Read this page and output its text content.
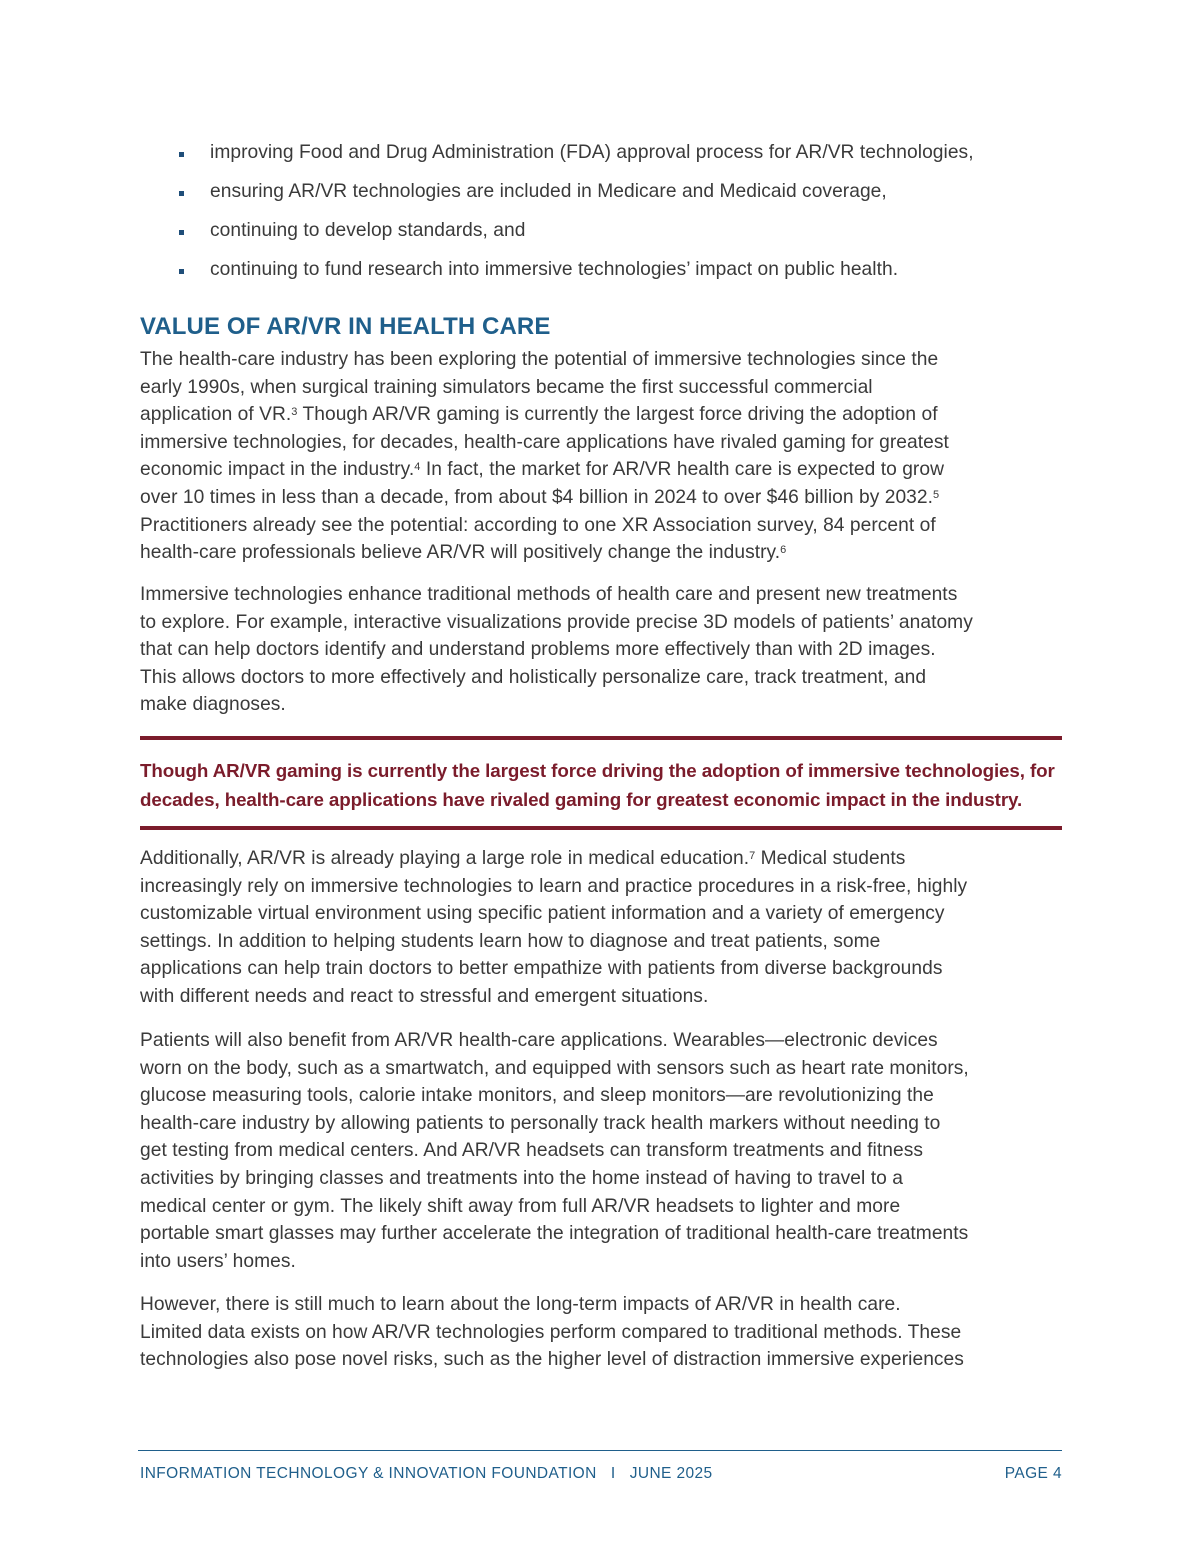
improving Food and Drug Administration (FDA) approval process for AR/VR technologies,
ensuring AR/VR technologies are included in Medicare and Medicaid coverage,
continuing to develop standards, and
continuing to fund research into immersive technologies’ impact on public health.
VALUE OF AR/VR IN HEALTH CARE

The health-care industry has been exploring the potential of immersive technologies since the
early 1990s, when surgical training simulators became the first successful commercial
application of VR.$^3$ Though AR/VR gaming is currently the largest force driving the adoption of
immersive technologies, for decades, health-care applications have rivaled gaming for greatest
economic impact in the industry.$^4$ In fact, the market for AR/VR health care is expected to grow
over 10 times in less than a decade, from about $4 billion in 2024 to over $46 billion by 2032.$^5$
Practitioners already see the potential: according to one XR Association survey, 84 percent of
health-care professionals believe AR/VR will positively change the industry.$^6$

Immersive technologies enhance traditional methods of health care and present new treatments
to explore. For example, interactive visualizations provide precise 3D models of patients’ anatomy
that can help doctors identify and understand problems more effectively than with 2D images.
This allows doctors to more effectively and holistically personalize care, track treatment, and
make diagnoses.

Though AR/VR gaming is currently the largest force driving the adoption of immersive technologies, for
decades, health-care applications have rivaled gaming for greatest economic impact in the industry.

Additionally, AR/VR is already playing a large role in medical education.$^7$ Medical students
increasingly rely on immersive technologies to learn and practice procedures in a risk-free, highly
customizable virtual environment using specific patient information and a variety of emergency
settings. In addition to helping students learn how to diagnose and treat patients, some
applications can help train doctors to better empathize with patients from diverse backgrounds
with different needs and react to stressful and emergent situations.

Patients will also benefit from AR/VR health-care applications. Wearables—electronic devices
worn on the body, such as a smartwatch, and equipped with sensors such as heart rate monitors,
glucose measuring tools, calorie intake monitors, and sleep monitors—are revolutionizing the
health-care industry by allowing patients to personally track health markers without needing to
get testing from medical centers. And AR/VR headsets can transform treatments and fitness
activities by bringing classes and treatments into the home instead of having to travel to a
medical center or gym. The likely shift away from full AR/VR headsets to lighter and more
portable smart glasses may further accelerate the integration of traditional health-care treatments
into users’ homes.

However, there is still much to learn about the long-term impacts of AR/VR in health care.
Limited data exists on how AR/VR technologies perform compared to traditional methods. These
technologies also pose novel risks, such as the higher level of distraction immersive experiences

INFORMATION TECHNOLOGY & INNOVATION FOUNDATION I JUNE 2025	PAGE 4
